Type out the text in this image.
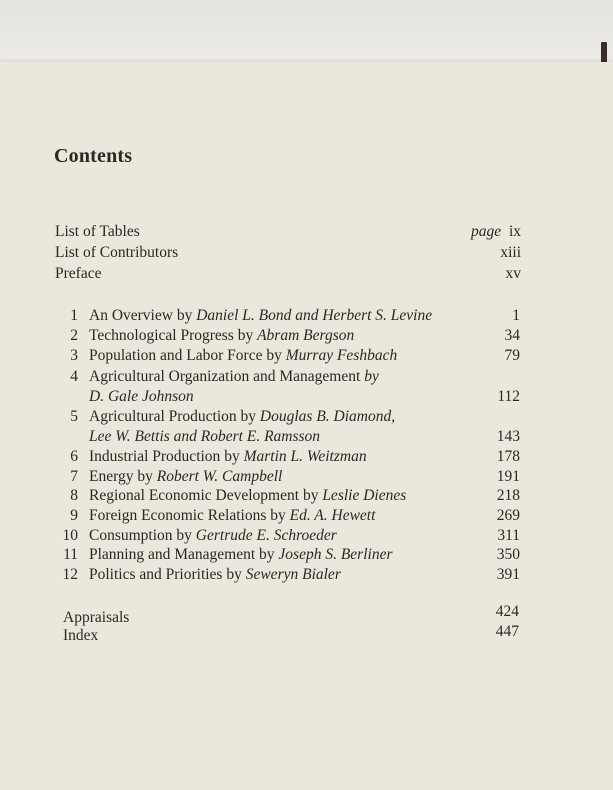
Contents
List of Tables	page ix
List of Contributors	xiii
Preface	xv
1 An Overview by Daniel L. Bond and Herbert S. Levine	1
2 Technological Progress by Abram Bergson	34
3 Population and Labor Force by Murray Feshbach	79
4 Agricultural Organization and Management by
D. Gale Johnson	112
5 Agricultural Production by Douglas B. Diamond,
Lee W. Bettis and Robert E. Ramsson	143
6 Industrial Production by Martin L. Weitzman	178
7 Energy by Robert W. Campbell	191
8 Regional Economic Development by Leslie Dienes	218
9 Foreign Economic Relations by Ed. A. Hewett	269
10 Consumption by Gertrude E. Schroeder	311
11 Planning and Management by Joseph S. Berliner	350
12 Politics and Priorities by Seweryn Bialer	391
Appraisals	424
Index	447
